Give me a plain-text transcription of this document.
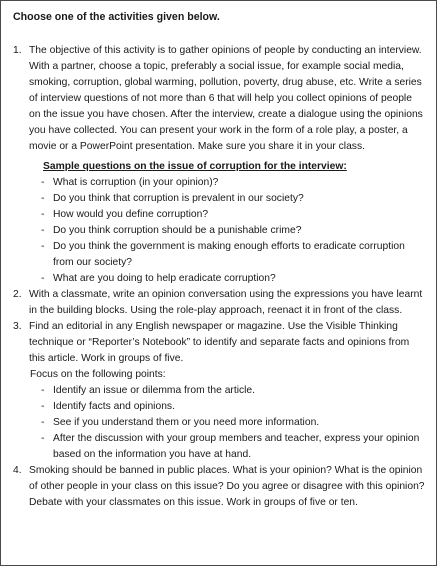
Choose one of the activities given below.
1. The objective of this activity is to gather opinions of people by conducting an interview. With a partner, choose a topic, preferably a social issue, for example social media, smoking, corruption, global warming, pollution, poverty, drug abuse, etc. Write a series of interview questions of not more than 6 that will help you collect opinions of people on the issue you have chosen. After the interview, create a dialogue using the opinions you have collected. You can present your work in the form of a role play, a poster, a movie or a PowerPoint presentation. Make sure you share it in your class.
Sample questions on the issue of corruption for the interview:
- What is corruption (in your opinion)?
- Do you think that corruption is prevalent in our society?
- How would you define corruption?
- Do you think corruption should be a punishable crime?
- Do you think the government is making enough efforts to eradicate corruption from our society?
- What are you doing to help eradicate corruption?
2. With a classmate, write an opinion conversation using the expressions you have learnt in the building blocks. Using the role-play approach, reenact it in front of the class.
3. Find an editorial in any English newspaper or magazine. Use the Visible Thinking technique or “Reporter’s Notebook” to identify and separate facts and opinions from this article. Work in groups of five.
Focus on the following points:
- Identify an issue or dilemma from the article.
- Identify facts and opinions.
- See if you understand them or you need more information.
- After the discussion with your group members and teacher, express your opinion based on the information you have at hand.
4. Smoking should be banned in public places. What is your opinion? What is the opinion of other people in your class on this issue? Do you agree or disagree with this opinion? Debate with your classmates on this issue. Work in groups of five or ten.
